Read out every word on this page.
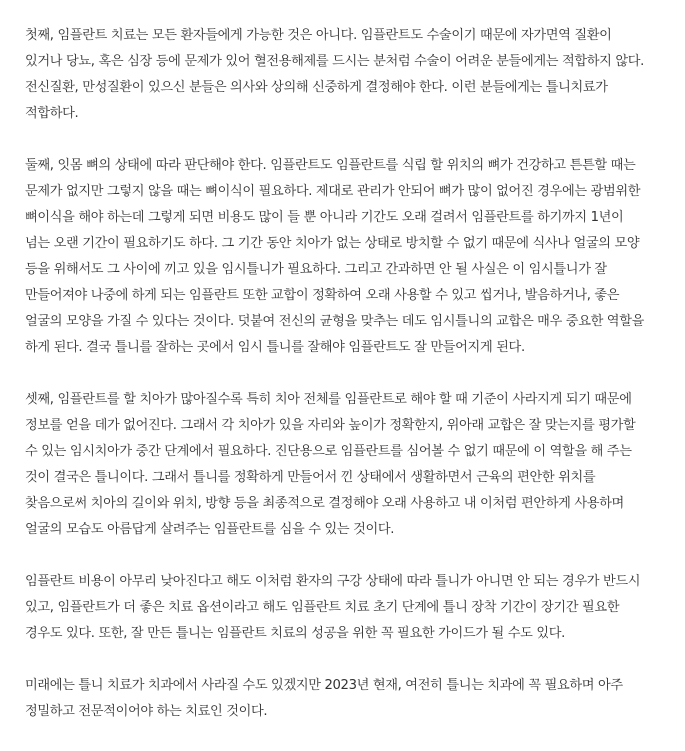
첫째, 임플란트 치료는 모든 환자들에게 가능한 것은 아니다. 임플란트도 수술이기 때문에 자가면역 질환이
있거나 당뇨, 혹은 심장 등에 문제가 있어 혈전용해제를 드시는 분처럼 수술이 어려운 분들에게는 적합하지 않다.
전신질환, 만성질환이 있으신 분들은 의사와 상의해 신중하게 결정해야 한다. 이런 분들에게는 틀니치료가
적합하다.
둘째, 잇몸 뼈의 상태에 따라 판단해야 한다. 임플란트도 임플란트를 식립 할 위치의 뼈가 건강하고 튼튼할 때는
문제가 없지만 그렇지 않을 때는 뼈이식이 필요하다. 제대로 관리가 안되어 뼈가 많이 없어진 경우에는 광범위한
뼈이식을 해야 하는데 그렇게 되면 비용도 많이 들 뿐 아니라 기간도 오래 걸려서 임플란트를 하기까지 1년이
넘는 오랜 기간이 필요하기도 하다. 그 기간 동안 치아가 없는 상태로 방치할 수 없기 때문에 식사나 얼굴의 모양
등을 위해서도 그 사이에 끼고 있을 임시틀니가 필요하다. 그리고 간과하면 안 될 사실은 이 임시틀니가 잘
만들어져야 나중에 하게 되는 임플란트 또한 교합이 정확하여 오래 사용할 수 있고 씹거나, 발음하거나, 좋은
얼굴의 모양을 가질 수 있다는 것이다. 덧붙여 전신의 균형을 맞추는 데도 임시틀니의 교합은 매우 중요한 역할을
하게 된다. 결국 틀니를 잘하는 곳에서 임시 틀니를 잘해야 임플란트도 잘 만들어지게 된다.
셋째, 임플란트를 할 치아가 많아질수록 특히 치아 전체를 임플란트로 해야 할 때 기준이 사라지게 되기 때문에
정보를 얻을 데가 없어진다. 그래서 각 치아가 있을 자리와 높이가 정확한지, 위아래 교합은 잘 맞는지를 평가할
수 있는 임시치아가 중간 단계에서 필요하다. 진단용으로 임플란트를 심어볼 수 없기 때문에 이 역할을 해 주는
것이 결국은 틀니이다. 그래서 틀니를 정확하게 만들어서 낀 상태에서 생활하면서 근육의 편안한 위치를
찾음으로써 치아의 길이와 위치, 방향 등을 최종적으로 결정해야 오래 사용하고 내 이처럼 편안하게 사용하며
얼굴의 모습도 아름답게 살려주는 임플란트를 심을 수 있는 것이다.
임플란트 비용이 아무리 낮아진다고 해도 이처럼 환자의 구강 상태에 따라 틀니가 아니면 안 되는 경우가 반드시
있고, 임플란트가 더 좋은 치료 옵션이라고 해도 임플란트 치료 초기 단계에 틀니 장착 기간이 장기간 필요한
경우도 있다. 또한, 잘 만든 틀니는 임플란트 치료의 성공을 위한 꼭 필요한 가이드가 될 수도 있다.
미래에는 틀니 치료가 치과에서 사라질 수도 있겠지만 2023년 현재, 여전히 틀니는 치과에 꼭 필요하며 아주
정밀하고 전문적이어야 하는 치료인 것이다.
